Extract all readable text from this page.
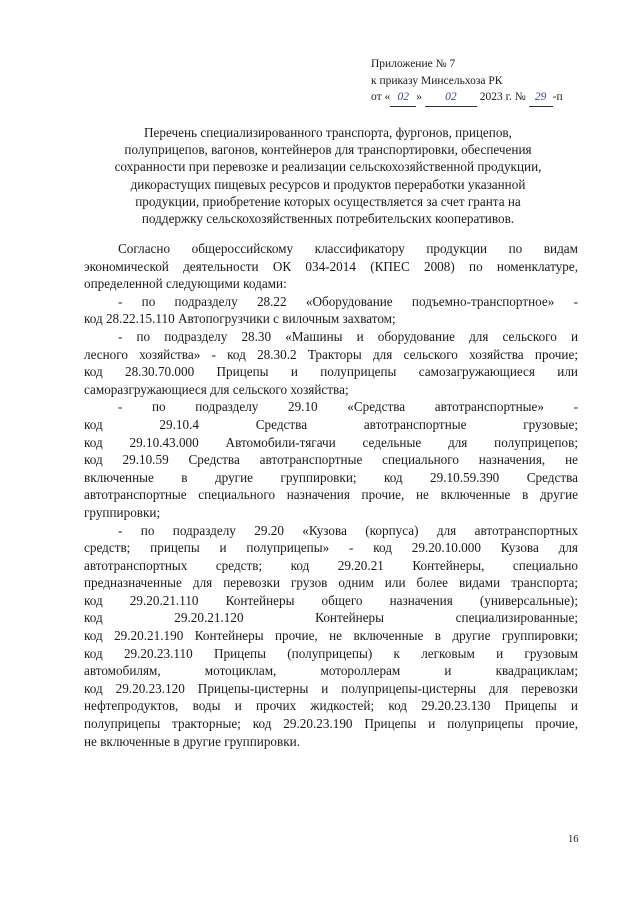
Приложение № 7
к приказу Минсельхоза РК
от « 02 » 02 2023 г. № 29 -п
Перечень специализированного транспорта, фургонов, прицепов,
полуприцепов, вагонов, контейнеров для транспортировки, обеспечения
сохранности при перевозке и реализации сельскохозяйственной продукции,
дикорастущих пищевых ресурсов и продуктов переработки указанной
продукции, приобретение которых осуществляется за счет гранта на
поддержку сельскохозяйственных потребительских кооперативов.
Согласно общероссийскому классификатору продукции по видам
экономической деятельности ОК 034-2014 (КПЕС 2008) по номенклатуре,
определенной следующими кодами:
- по подразделу 28.22 «Оборудование подъемно-транспортное» -
код 28.22.15.110 Автопогрузчики с вилочным захватом;
- по подразделу 28.30 «Машины и оборудование для сельского и
лесного хозяйства» - код 28.30.2 Тракторы для сельского хозяйства прочие;
код 28.30.70.000 Прицепы и полуприцепы самозагружающиеся или
саморазгружающиеся для сельского хозяйства;
- по подразделу 29.10 «Средства автотранспортные» -
код 29.10.4 Средства автотранспортные грузовые;
код 29.10.43.000 Автомобили-тягачи седельные для полуприцепов;
код 29.10.59 Средства автотранспортные специального назначения, не
включенные в другие группировки; код 29.10.59.390 Средства
автотранспортные специального назначения прочие, не включенные в другие
группировки;
- по подразделу 29.20 «Кузова (корпуса) для автотранспортных
средств; прицепы и полуприцепы» - код 29.20.10.000 Кузова для
автотранспортных средств; код 29.20.21 Контейнеры, специально
предназначенные для перевозки грузов одним или более видами транспорта;
код 29.20.21.110 Контейнеры общего назначения (универсальные);
код 29.20.21.120 Контейнеры специализированные;
код 29.20.21.190 Контейнеры прочие, не включенные в другие группировки;
код 29.20.23.110 Прицепы (полуприцепы) к легковым и грузовым
автомобилям, мотоциклам, мотороллерам и квадрациклам;
код 29.20.23.120 Прицепы-цистерны и полуприцепы-цистерны для перевозки
нефтепродуктов, воды и прочих жидкостей; код 29.20.23.130 Прицепы и
полуприцепы тракторные; код 29.20.23.190 Прицепы и полуприцепы прочие,
не включенные в другие группировки.
16
